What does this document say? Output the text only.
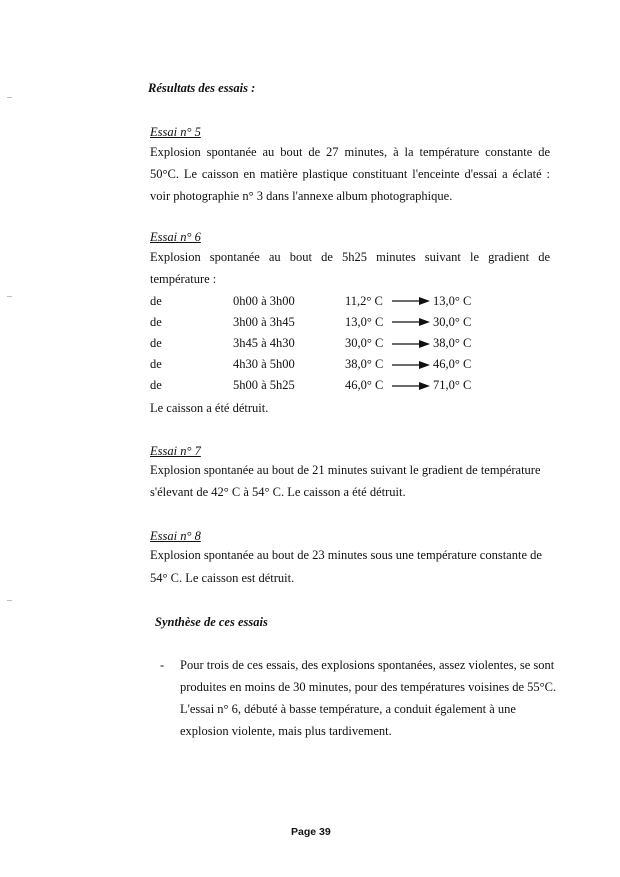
Résultats des essais :

Essai n° 5

Explosion spontanée au bout de 27 minutes, à la température constante de

50°C. Le caisson en matière plastique constituant l'enceinte d'essai a éclaté :

voir photographie n° 3 dans l'annexe album photographique.

Essai n° 6

Explosion spontanée au bout de 5h25 minutes suivant le gradient de

température :

de	0h00 à 3h00	11,2° C	13,0° C

de	3h00 à 3h45	13,0° C	30,0° C

de	3h45 à 4h30	30,0° C	38,0° C

de	4h30 à 5h00	38,0° C	46,0° C

de	5h00 à 5h25	46,0° C	71,0° C

Le caisson a été détruit.

Essai n° 7

Explosion spontanée au bout de 21 minutes suivant le gradient de température

s'élevant de 42° C à 54° C. Le caisson a été détruit.

Essai n° 8

Explosion spontanée au bout de 23 minutes sous une température constante de

54° C. Le caisson est détruit.

Synthèse de ces essais

- Pour trois de ces essais, des explosions spontanées, assez violentes, se sont

produites en moins de 30 minutes, pour des températures voisines de 55°C.

L'essai n° 6, débuté à basse température, a conduit également à une

explosion violente, mais plus tardivement.

Page 39
